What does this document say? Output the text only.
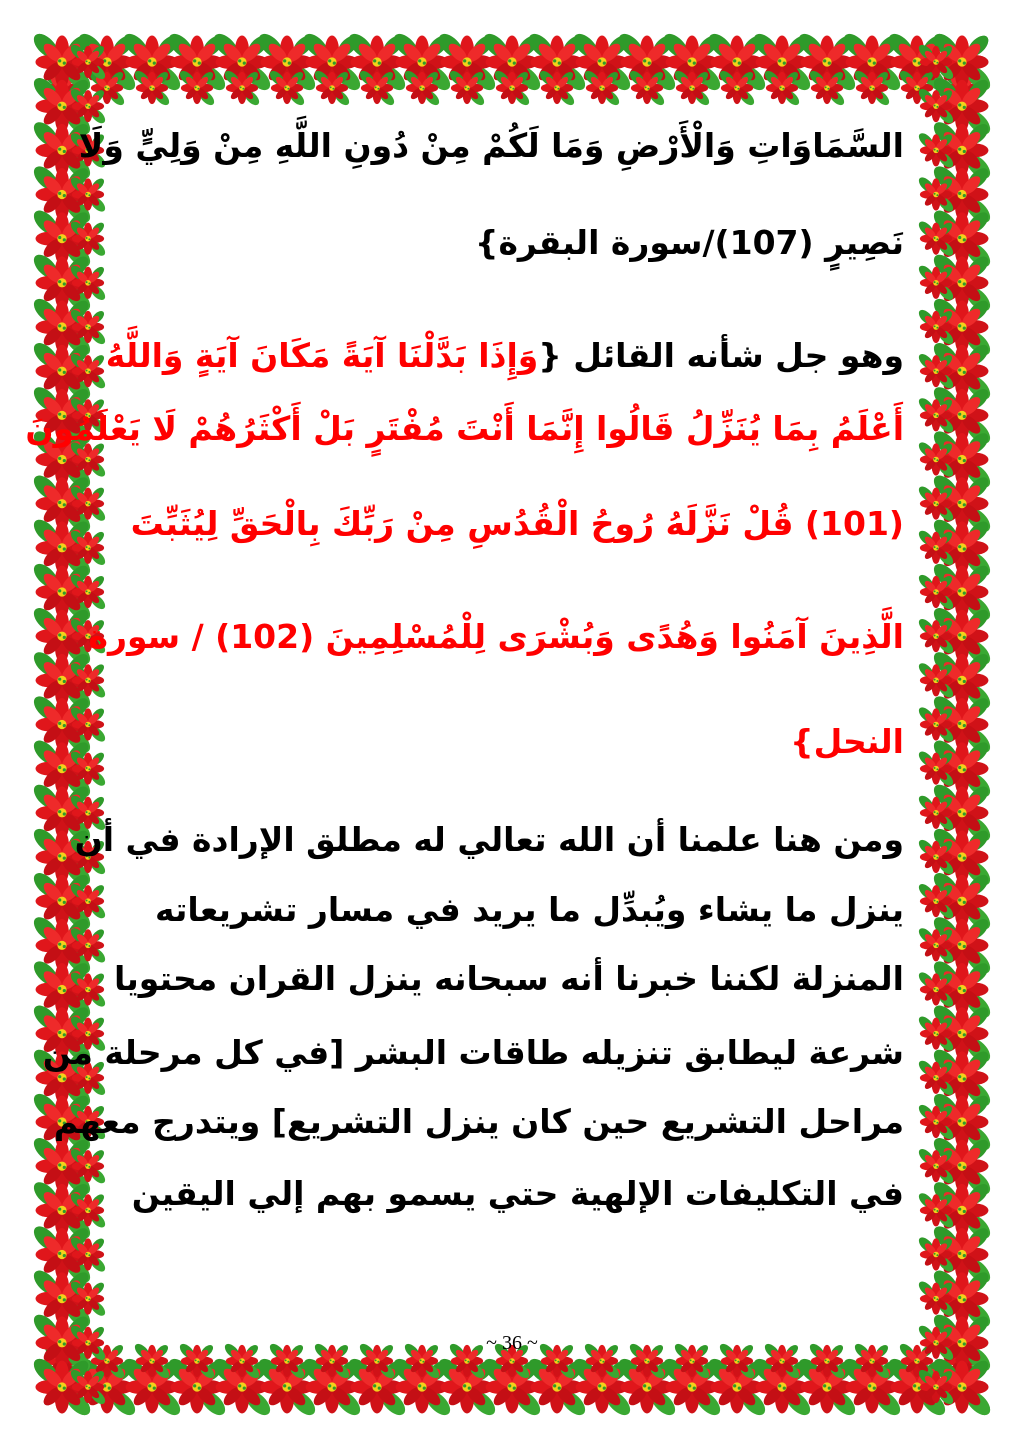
السَّمَاوَاتِ وَالْأَرْضِ وَمَا لَكُمْ مِنْ دُونِ اللَّهِ مِنْ وَلِيٍّ وَلَا
نَصِيرٍ (107)/سورة البقرة}
وهو جل شأنه القائل {وَإِذَا بَدَّلْنَا آيَةً مَكَانَ آيَةٍ وَاللَّهُ
أَعْلَمُ بِمَا يُنَزِّلُ قَالُوا إِنَّمَا أَنْتَ مُفْتَرٍ بَلْ أَكْثَرُهُمْ لَا يَعْلَمُونَ
(101) قُلْ نَزَّلَهُ رُوحُ الْقُدُسِ مِنْ رَبِّكَ بِالْحَقِّ لِيُثَبِّتَ
الَّذِينَ آمَنُوا وَهُدًى وَبُشْرَى لِلْمُسْلِمِينَ (102) / سورة
النحل}
ومن هنا علمنا أن الله تعالي له مطلق الإرادة في أن
ينزل ما يشاء ويُبدِّل ما يريد في مسار تشريعاته
المنزلة لكننا خبرنا أنه سبحانه ينزل القران محتويا
شرعة ليطابق تنزيله طاقات البشر [في كل مرحلة من
مراحل التشريع حين كان ينزل التشريع] ويتدرج معهم
في التكليفات الإلهية حتي يسمو بهم إلي اليقين
~ 36 ~
